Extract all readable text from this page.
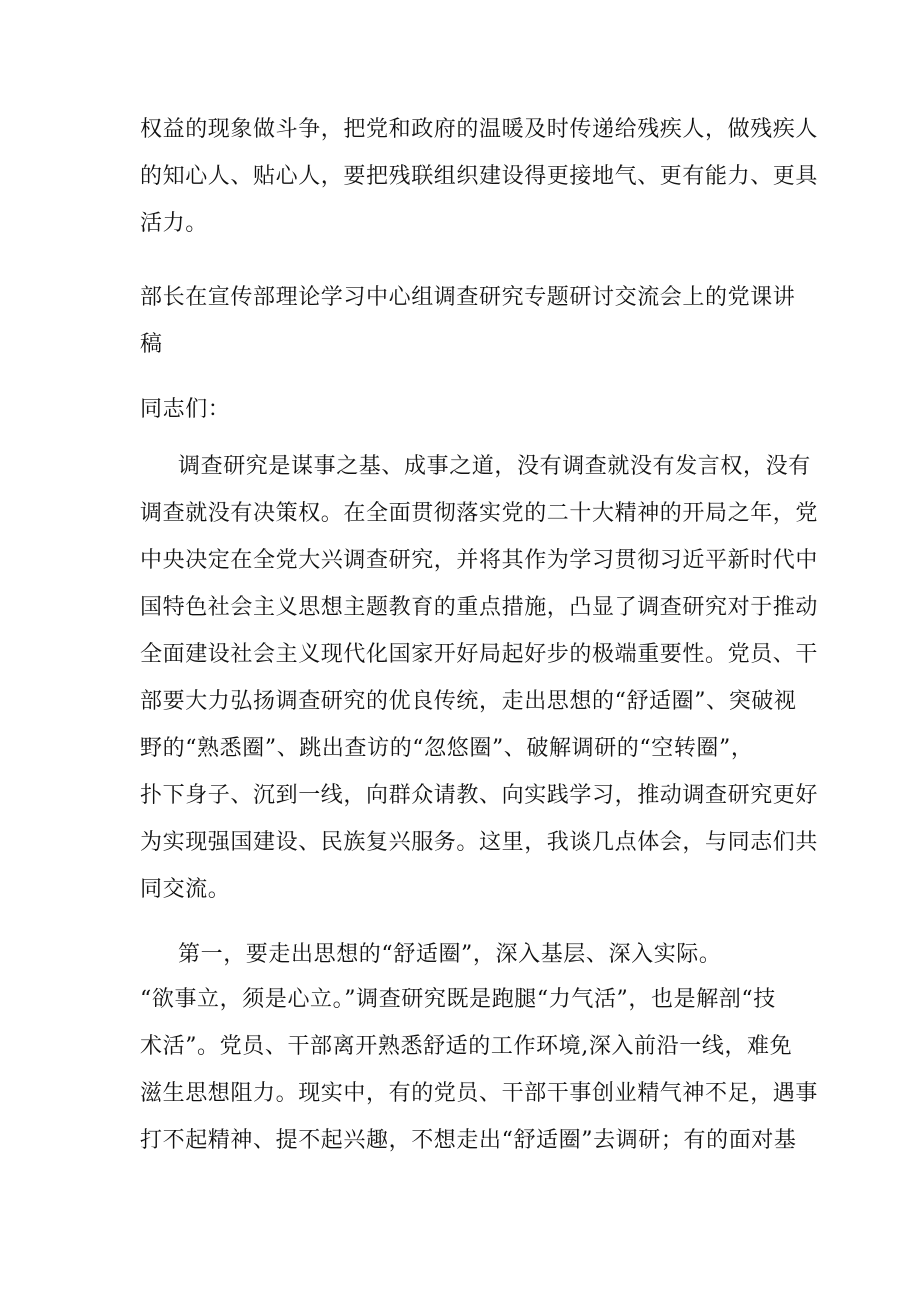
权益的现象做斗争，把党和政府的温暖及时传递给残疾人，做残疾人
的知心人、贴心人，要把残联组织建设得更接地气、更有能力、更具
活力。
部长在宣传部理论学习中心组调查研究专题研讨交流会上的党课讲
稿
同志们：
调查研究是谋事之基、成事之道，没有调查就没有发言权，没有
调查就没有决策权。在全面贯彻落实党的二十大精神的开局之年，党
中央决定在全党大兴调查研究，并将其作为学习贯彻习近平新时代中
国特色社会主义思想主题教育的重点措施，凸显了调查研究对于推动
全面建设社会主义现代化国家开好局起好步的极端重要性。党员、干
部要大力弘扬调查研究的优良传统，走出思想的“舒适圈”、突破视
野的“熟悉圈”、跳出查访的“忽悠圈”、破解调研的“空转圈”，
扑下身子、沉到一线，向群众请教、向实践学习，推动调查研究更好
为实现强国建设、民族复兴服务。这里，我谈几点体会，与同志们共
同交流。
第一，要走出思想的“舒适圈”，深入基层、深入实际。
“欲事立，须是心立。”调查研究既是跑腿“力气活”，也是解剖“技
术活”。党员、干部离开熟悉舒适的工作环境,深入前沿一线，难免
滋生思想阻力。现实中，有的党员、干部干事创业精气神不足，遇事
打不起精神、提不起兴趣，不想走出“舒适圈”去调研；有的面对基
